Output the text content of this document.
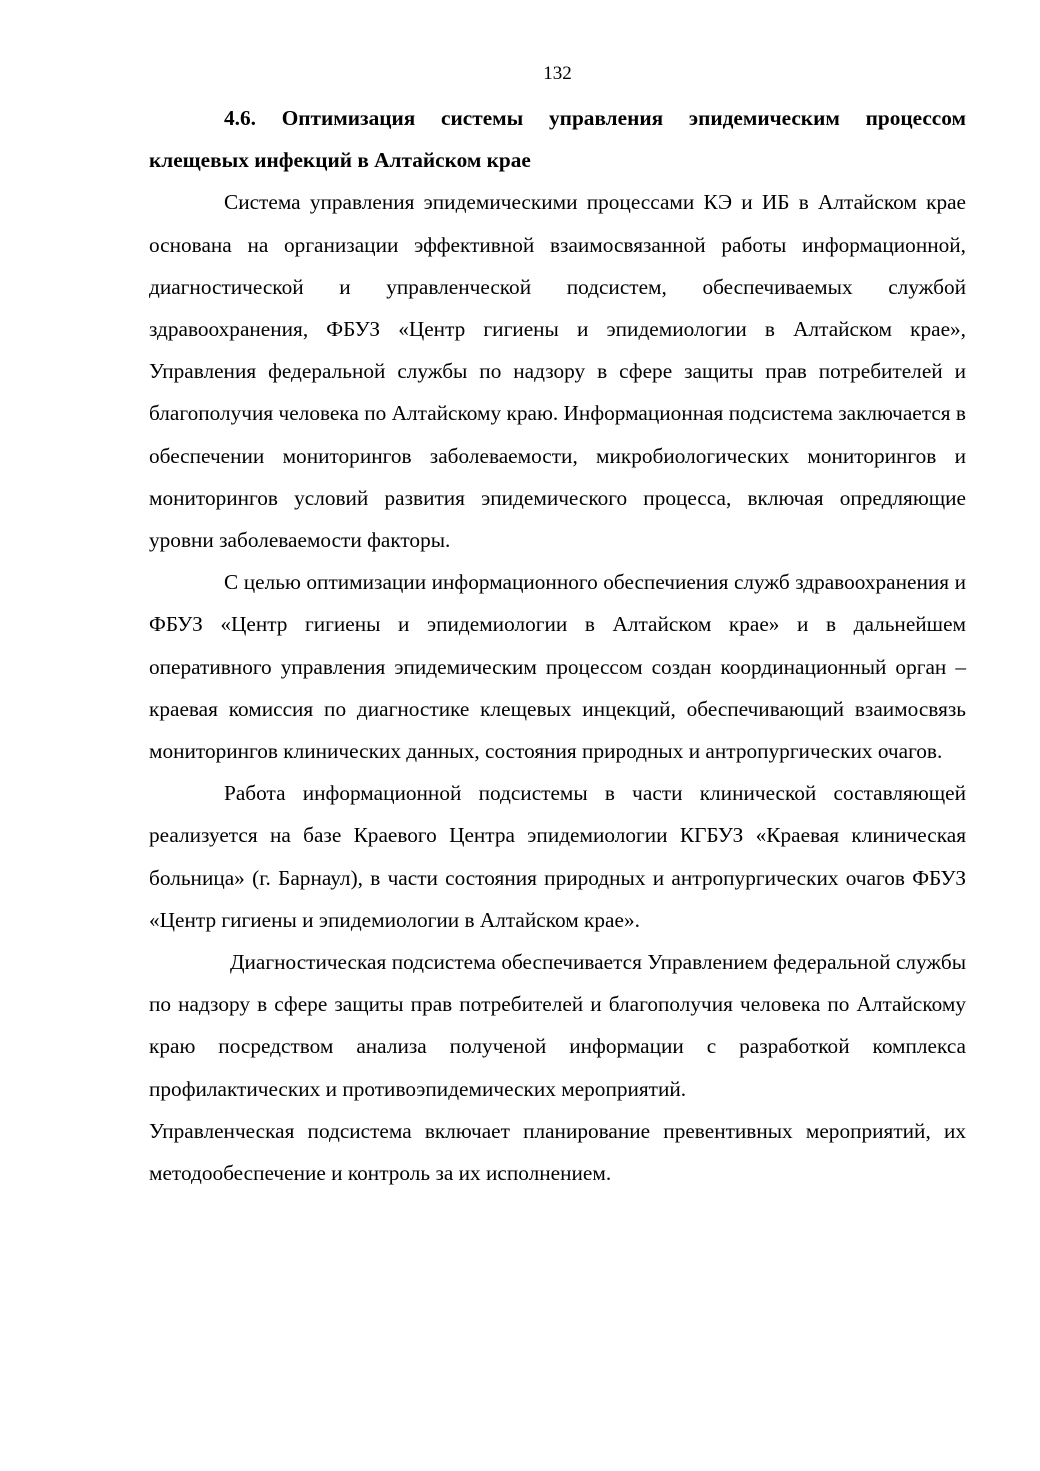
132

4.6. Оптимизация системы управления эпидемическим процессом клещевых инфекций в Алтайском крае

Система управления эпидемическими процессами КЭ и ИБ в Алтайском крае основана на организации эффективной взаимосвязанной работы информационной, диагностической и управленческой подсистем, обеспечиваемых службой здравоохранения, ФБУЗ «Центр гигиены и эпидемиологии в Алтайском крае», Управления федеральной службы по надзору в сфере защиты прав потребителей и благополучия человека по Алтайскому краю. Информационная подсистема заключается в обеспечении мониторингов заболеваемости, микробиологических мониторингов и мониторингов условий развития эпидемического процесса, включая опредляющие уровни заболеваемости факторы.

С целью оптимизации информационного обеспечиения служб здравоохранения и ФБУЗ «Центр гигиены и эпидемиологии в Алтайском крае» и в дальнейшем оперативного управления эпидемическим процессом создан координационный орган – краевая комиссия по диагностике клещевых инцекций, обеспечивающий взаимосвязь мониторингов клинических данных, состояния природных и антропургических очагов.

Работа информационной подсистемы в части клинической составляющей реализуется на базе Краевого Центра эпидемиологии КГБУЗ «Краевая клиническая больница» (г. Барнаул), в части состояния природных и антропургических очагов ФБУЗ «Центр гигиены и эпидемиологии в Алтайском крае».

Диагностическая подсистема обеспечивается Управлением федеральной службы по надзору в сфере защиты прав потребителей и благополучия человека по Алтайскому краю посредством анализа полученой информации с разработкой комплекса профилактических и противоэпидемических мероприятий.

Управленческая подсистема включает планирование превентивных мероприятий, их методообеспечение и контроль за их исполнением.
